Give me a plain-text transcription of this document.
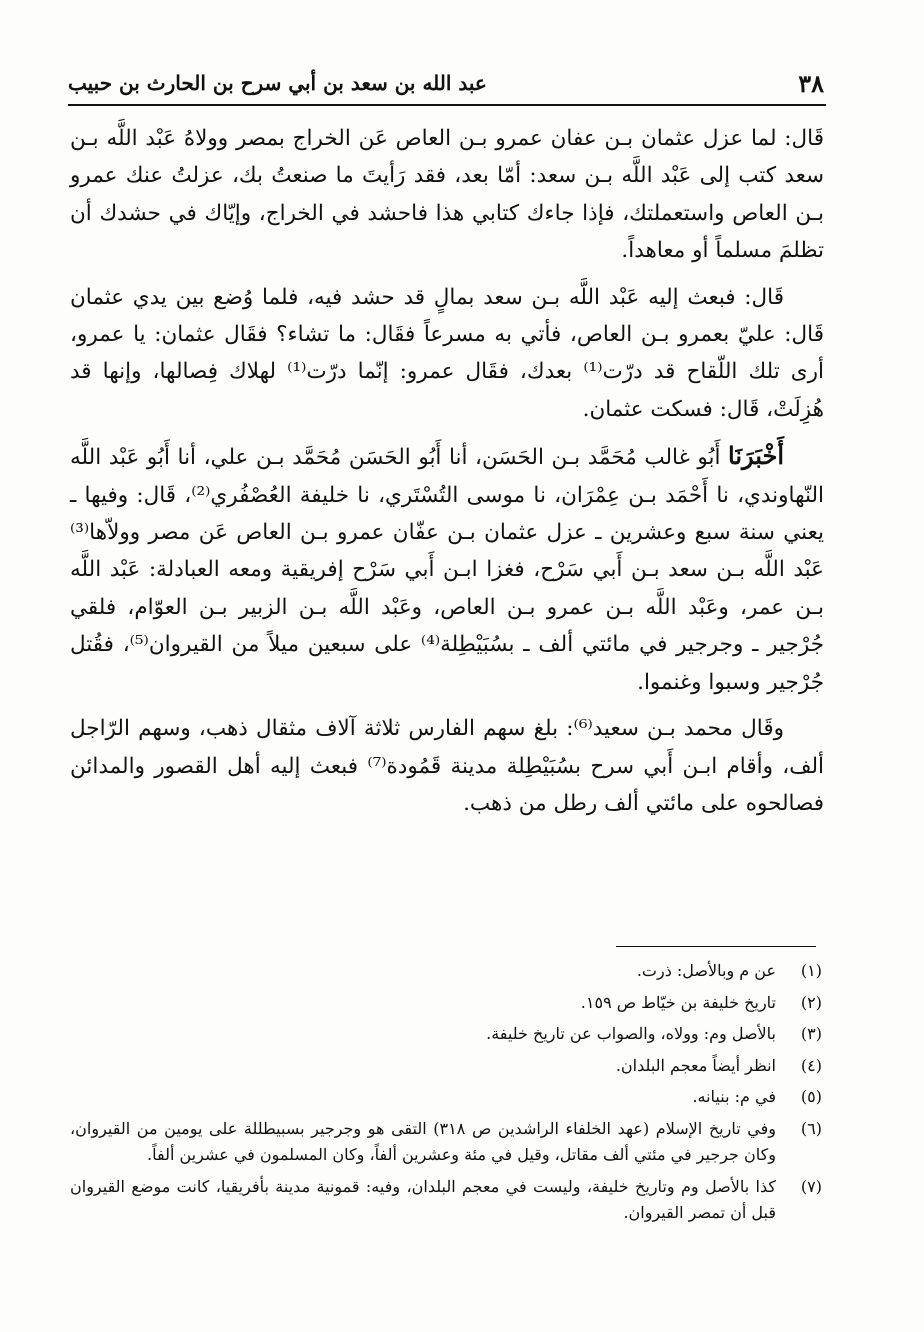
٣٨
عبد الله بن سعد بن أبي سرح بن الحارث بن حبيب

قَال: لما عزل عثمان بـن عفان عمرو بـن العاص عَن الخراج بمصر وولاهُ عَبْد اللَّه بـن سعد كتب إلى عَبْد اللَّه بـن سعد: أمّا بعد، فقد رَأيتَ ما صنعتُ بك، عزلتُ عنك عمرو بـن العاص واستعملتك، فإذا جاءك كتابي هذا فاحشد في الخراج، وإيّاك في حشدك أن تظلمَ مسلماً أو معاهداً.

قَال: فبعث إليه عَبْد اللَّه بـن سعد بمالٍ قد حشد فيه، فلما وُضع بين يدي عثمان قَال: عليّ بعمرو بـن العاص، فأتي به مسرعاً فقَال: ما تشاء؟ فقَال عثمان: يا عمرو، أرى تلك اللّقاح قد درّت⁽¹⁾ بعدك، فقَال عمرو: إنّما درّت⁽¹⁾ لهلاك فِصالها، وإنها قد هُزِلَتْ، قَال: فسكت عثمان.

أَخْبَرَنَا أَبُو غالب مُحَمَّد بـن الحَسَن، أنا أَبُو الحَسَن مُحَمَّد بـن علي، أنا أَبُو عَبْد اللَّه النّهاوندي، نا أَحْمَد بـن عِمْرَان، نا موسى التُسْتَري، نا خليفة العُصْفُري⁽²⁾، قَال: وفيها ـ يعني سنة سبع وعشرين ـ عزل عثمان بـن عفّان عمرو بـن العاص عَن مصر وولاّها⁽³⁾ عَبْد اللَّه بـن سعد بـن أَبي سَرْح، فغزا ابـن أَبي سَرْح إفريقية ومعه العبادلة: عَبْد اللَّه بـن عمر، وعَبْد اللَّه بـن عمرو بـن العاص، وعَبْد اللَّه بـن الزبير بـن العوّام، فلقي جُرْجير ـ وجرجير في مائتي ألف ـ بسُبَيْطِلة⁽⁴⁾ على سبعين ميلاً من القيروان⁽⁵⁾، فقُتل جُرْجير وسبوا وغنموا.

وقَال محمد بـن سعيد⁽⁶⁾: بلغ سهم الفارس ثلاثة آلاف مثقال ذهب، وسهم الرّاجل ألف، وأقام ابـن أَبي سرح بسُبَيْطِلة مدينة قَمُودة⁽⁷⁾ فبعث إليه أهل القصور والمدائن فصالحوه على مائتي ألف رطل من ذهب.

(١)
عن م وبالأصل: ذرت.
(٢)
تاريخ خليفة بن خيّاط ص ١٥٩.
(٣)
بالأصل وم: وولاه، والصواب عن تاريخ خليفة.
(٤)
انظر أيضاً معجم البلدان.
(٥)
في م: بنيانه.
(٦)
وفي تاريخ الإسلام (عهد الخلفاء الراشدين ص ٣١٨) التقى هو وجرجير بسبيطللة على يومين من القيروان، وكان جرجير في مئتي ألف مقاتل، وقيل في مئة وعشرين ألفاً، وكان المسلمون في عشرين ألفاً.
(٧)
كذا بالأصل وم وتاريخ خليفة، وليست في معجم البلدان، وفيه: قمونية مدينة بأفريقيا، كانت موضع القيروان قبل أن تمصر القيروان.
